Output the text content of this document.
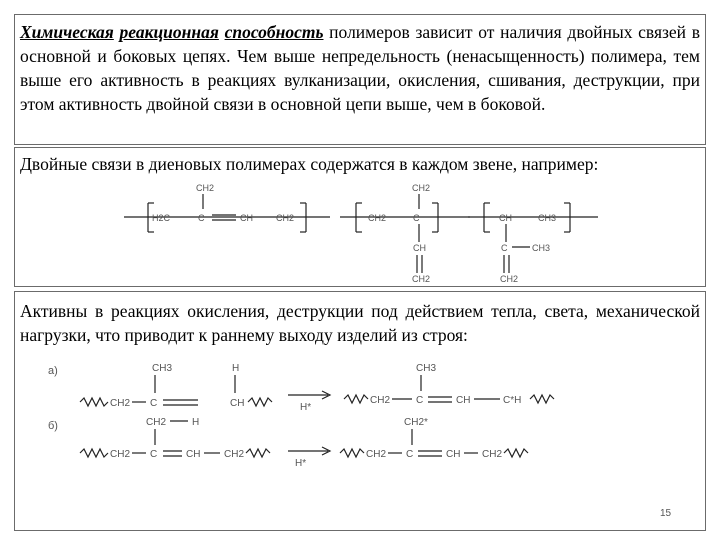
Химическая реакционная способность полимеров зависит от наличия двойных связей в основной и боковых цепях. Чем выше непредельность (ненасыщенность) полимера, тем выше его активность в реакциях вулканизации, окисления, сшивания, деструкции, при этом активность двойной связи в основной цепи выше, чем в боковой.
Двойные связи в диеновых полимерах содержатся в каждом звене, например:
CH2
H2C	C	CH	CH2
CH2
CH2	C
CH
CH2
CH	CH3
C	CH3
CH2
Активны в реакциях окисления, деструкции под действием тепла, света, механической нагрузки, что приводит к раннему выходу изделий из строя:
а)
CH2 C
CH3	H
CH	H*
CH2
CH3
C	CH	C*H
б)	CH2	H
CH2 C	CH CH2
H*
CH2*
CH2 C	CH CH2
15
